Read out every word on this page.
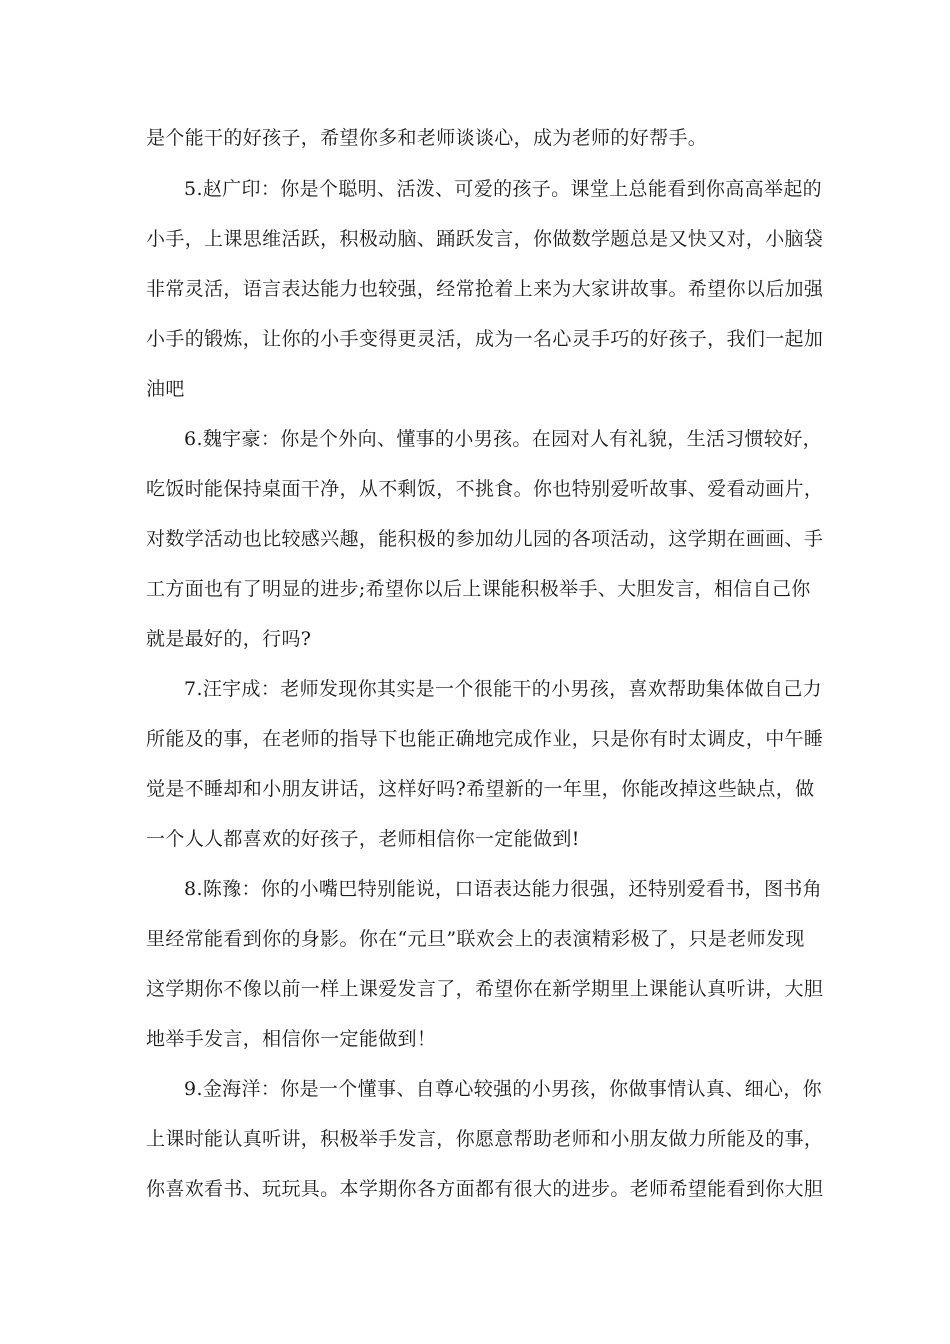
是个能干的好孩子，希望你多和老师谈谈心，成为老师的好帮手。

5.赵广印：你是个聪明、活泼、可爱的孩子。课堂上总能看到你高高举起的

小手，上课思维活跃，积极动脑、踊跃发言，你做数学题总是又快又对，小脑袋

非常灵活，语言表达能力也较强，经常抢着上来为大家讲故事。希望你以后加强

小手的锻炼，让你的小手变得更灵活，成为一名心灵手巧的好孩子，我们一起加

油吧

6.魏宇豪：你是个外向、懂事的小男孩。在园对人有礼貌，生活习惯较好，

吃饭时能保持桌面干净，从不剩饭，不挑食。你也特别爱听故事、爱看动画片，

对数学活动也比较感兴趣，能积极的参加幼儿园的各项活动，这学期在画画、手

工方面也有了明显的进步;希望你以后上课能积极举手、大胆发言，相信自己你

就是最好的，行吗?

7.汪宇成：老师发现你其实是一个很能干的小男孩，喜欢帮助集体做自己力

所能及的事，在老师的指导下也能正确地完成作业，只是你有时太调皮，中午睡

觉是不睡却和小朋友讲话，这样好吗?希望新的一年里，你能改掉这些缺点，做

一个人人都喜欢的好孩子，老师相信你一定能做到!

8.陈豫：你的小嘴巴特别能说，口语表达能力很强，还特别爱看书，图书角

里经常能看到你的身影。你在“元旦”联欢会上的表演精彩极了，只是老师发现

这学期你不像以前一样上课爱发言了，希望你在新学期里上课能认真听讲，大胆

地举手发言，相信你一定能做到！

9.金海洋：你是一个懂事、自尊心较强的小男孩，你做事情认真、细心，你

上课时能认真听讲，积极举手发言，你愿意帮助老师和小朋友做力所能及的事，

你喜欢看书、玩玩具。本学期你各方面都有很大的进步。老师希望能看到你大胆
